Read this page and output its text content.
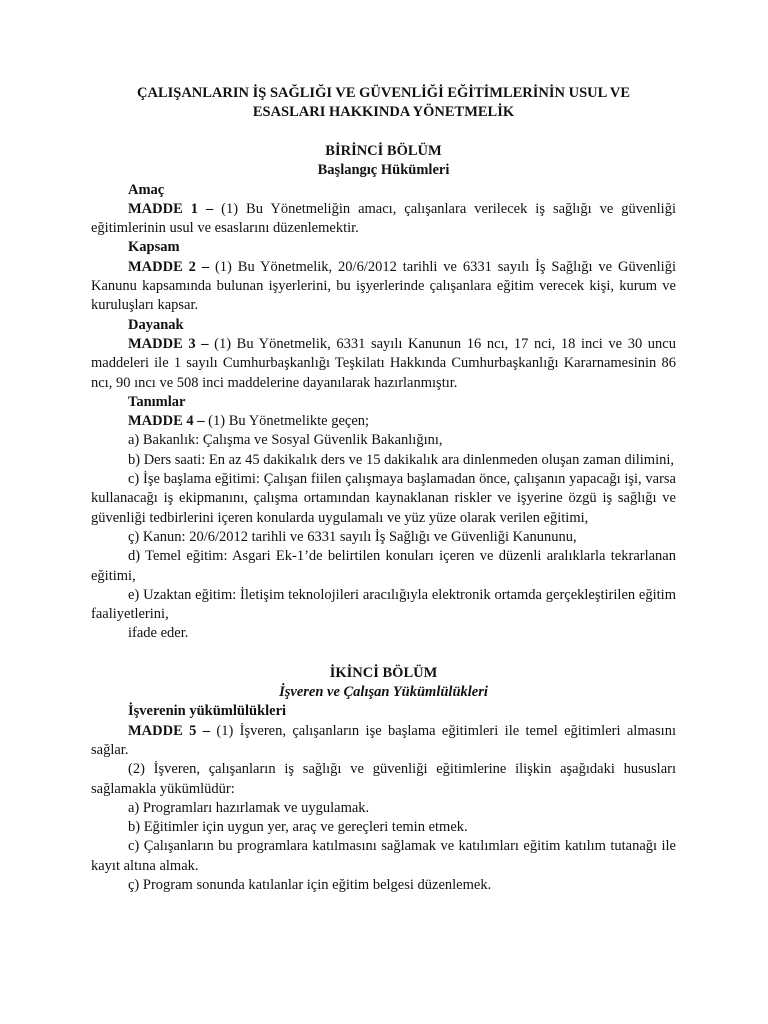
ÇALIŞANLARIN İŞ SAĞLIĞI VE GÜVENLİĞİ EĞİTİMLERİNİN USUL VE
ESASLARI HAKKINDA YÖNETMELİK
BİRİNCİ BÖLÜM
Başlangıç Hükümleri
Amaç

MADDE 1 – (1) Bu Yönetmeliğin amacı, çalışanlara verilecek iş sağlığı ve güvenliği eğitimlerinin usul ve esaslarını düzenlemektir.

Kapsam

MADDE 2 – (1) Bu Yönetmelik, 20/6/2012 tarihli ve 6331 sayılı İş Sağlığı ve Güvenliği Kanunu kapsamında bulunan işyerlerini, bu işyerlerinde çalışanlara eğitim verecek kişi, kurum ve kuruluşları kapsar.

Dayanak

MADDE 3 – (1) Bu Yönetmelik, 6331 sayılı Kanunun 16 ncı, 17 nci, 18 inci ve 30 uncu maddeleri ile 1 sayılı Cumhurbaşkanlığı Teşkilatı Hakkında Cumhurbaşkanlığı Kararnamesinin 86 ncı, 90 ıncı ve 508 inci maddelerine dayanılarak hazırlanmıştır.

Tanımlar

MADDE 4 – (1) Bu Yönetmelikte geçen;

a) Bakanlık: Çalışma ve Sosyal Güvenlik Bakanlığını,

b) Ders saati: En az 45 dakikalık ders ve 15 dakikalık ara dinlenmeden oluşan zaman dilimini,

c) İşe başlama eğitimi: Çalışan fiilen çalışmaya başlamadan önce, çalışanın yapacağı işi, varsa kullanacağı iş ekipmanını, çalışma ortamından kaynaklanan riskler ve işyerine özgü iş sağlığı ve güvenliği tedbirlerini içeren konularda uygulamalı ve yüz yüze olarak verilen eğitimi,

ç) Kanun: 20/6/2012 tarihli ve 6331 sayılı İş Sağlığı ve Güvenliği Kanununu,

d) Temel eğitim: Asgari Ek-1’de belirtilen konuları içeren ve düzenli aralıklarla tekrarlanan eğitimi,

e) Uzaktan eğitim: İletişim teknolojileri aracılığıyla elektronik ortamda gerçekleştirilen eğitim faaliyetlerini,

ifade eder.

İKİNCİ BÖLÜM
İşveren ve Çalışan Yükümlülükleri
İşverenin yükümlülükleri

MADDE 5 – (1) İşveren, çalışanların işe başlama eğitimleri ile temel eğitimleri almasını sağlar.

(2) İşveren, çalışanların iş sağlığı ve güvenliği eğitimlerine ilişkin aşağıdaki hususları sağlamakla yükümlüdür:

a) Programları hazırlamak ve uygulamak.

b) Eğitimler için uygun yer, araç ve gereçleri temin etmek.

c) Çalışanların bu programlara katılmasını sağlamak ve katılımları eğitim katılım tutanağı ile kayıt altına almak.

ç) Program sonunda katılanlar için eğitim belgesi düzenlemek.
